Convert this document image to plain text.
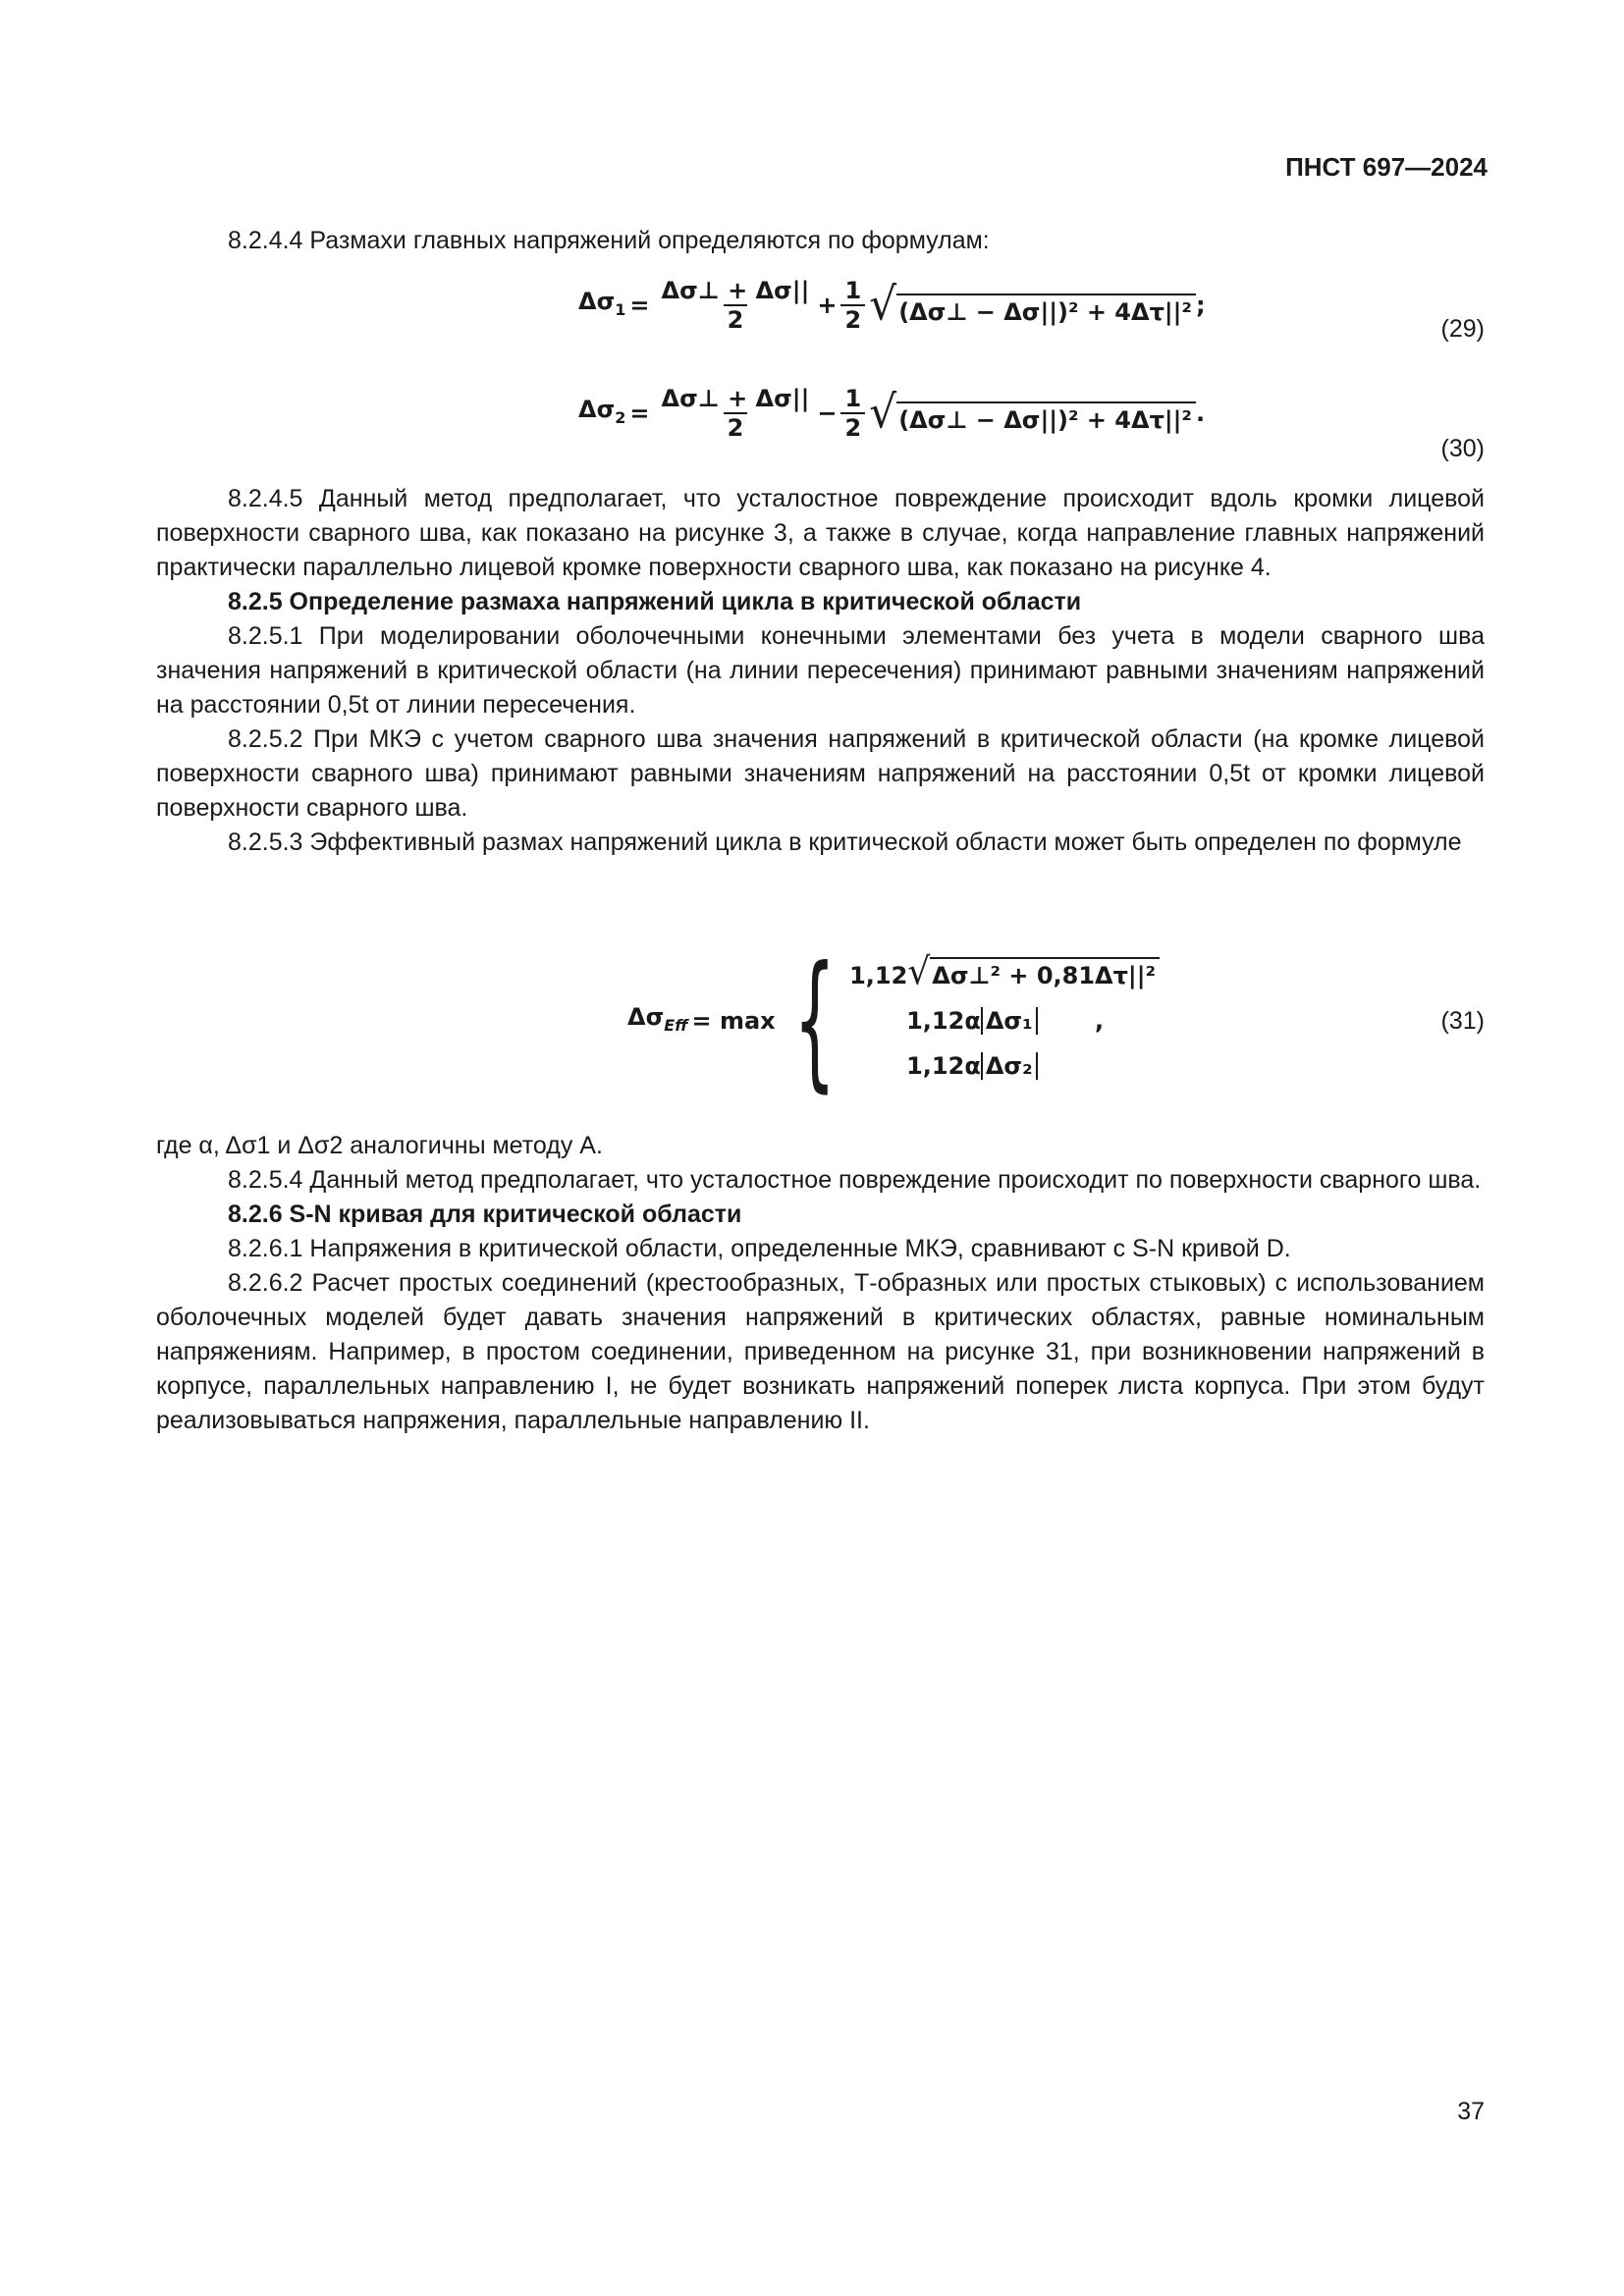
ПНСТ 697—2024

8.2.4.4 Размахи главных напряжений определяются по формулам:

$\Delta\sigma_1 = \frac{\Delta\sigma\perp + \Delta\sigma||}{2} + \frac{1}{2}$ √ (Δσ⊥ − Δσ||)² + 4Δτ||² ;
(29)
$\Delta\sigma_2 = \frac{\Delta\sigma\perp + \Delta\sigma||}{2} - \frac{1}{2}$ √ (Δσ⊥ − Δσ||)² + 4Δτ||² .
(30)

8.2.4.5 Данный метод предполагает, что усталостное повреждение происходит вдоль кромки лицевой поверхности сварного шва, как показано на рисунке 3, а также в случае, когда направление главных напряжений практически параллельно лицевой кромке поверхности сварного шва, как показано на рисунке 4.

8.2.5 Определение размаха напряжений цикла в критической области

8.2.5.1 При моделировании оболочечными конечными элементами без учета в модели сварного шва значения напряжений в критической области (на линии пересечения) принимают равными значениям напряжений на расстоянии 0,5t от линии пересечения.

8.2.5.2 При МКЭ с учетом сварного шва значения напряжений в критической области (на кромке лицевой поверхности сварного шва) принимают равными значениям напряжений на расстоянии 0,5t от кромки лицевой поверхности сварного шва.

8.2.5.3 Эффективный размах напряжений цикла в критической области может быть определен по формуле

$\Delta\sigma_{Eff} = \max$ { 1,12 √ Δσ⊥² + 0,81Δτ||²
1,12α Δσ₁	,
1,12α Δσ₂
(31)

где α, Δσ1 и Δσ2 аналогичны методу А.

8.2.5.4 Данный метод предполагает, что усталостное повреждение происходит по поверхности сварного шва.

8.2.6 S-N кривая для критической области

8.2.6.1 Напряжения в критической области, определенные МКЭ, сравнивают с S-N кривой D.

8.2.6.2 Расчет простых соединений (крестообразных, Т-образных или простых стыковых) с использованием оболочечных моделей будет давать значения напряжений в критических областях, равные номинальным напряжениям. Например, в простом соединении, приведенном на рисунке 31, при возникновении напряжений в корпусе, параллельных направлению I, не будет возникать напряжений поперек листа корпуса. При этом будут реализовываться напряжения, параллельные направлению II.

37
